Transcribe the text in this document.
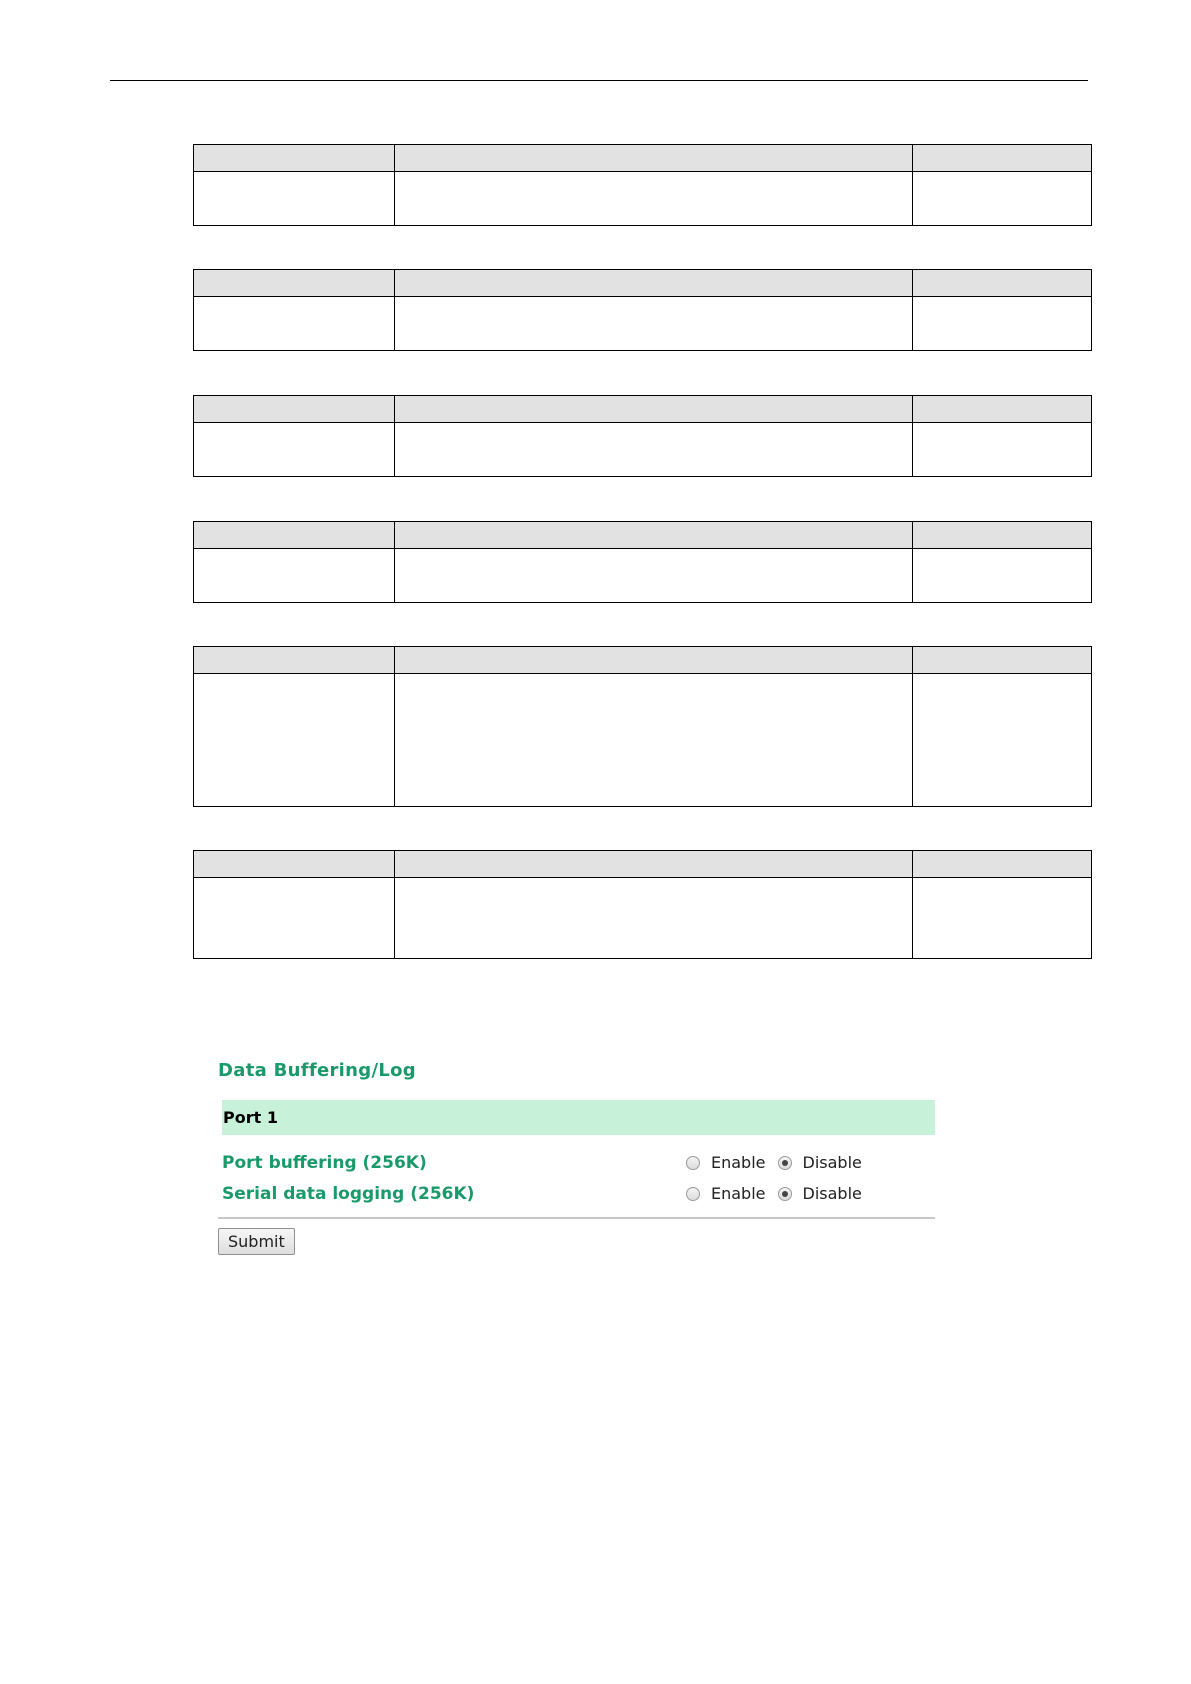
Data Buffering/Log
Port 1
Port buffering (256K)	Enable Disable
Serial data logging (256K)	Enable Disable
Submit
